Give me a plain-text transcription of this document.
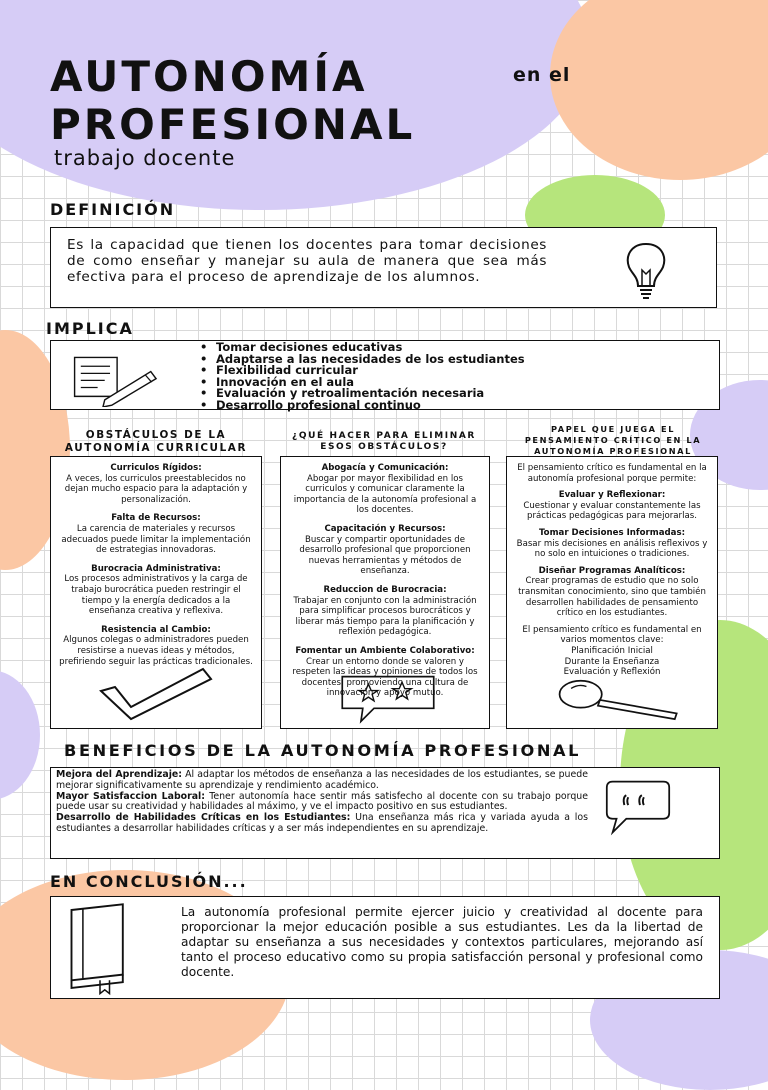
AUTONOMÍA	en el
PROFESIONAL
trabajo docente
DEFINICIÓN
Es la capacidad que tienen los docentes para tomar decisiones de como enseñar y manejar su aula de manera que sea más efectiva para el proceso de aprendizaje de los alumnos.
IMPLICA
• Tomar decisiones educativas
• Adaptarse a las necesidades de los estudiantes
• Flexibilidad curricular
• Innovación en el aula
• Evaluación y retroalimentación necesaria
• Desarrollo profesional continuo
OBSTÁCULOS DE LA AUTONOMÍA CURRICULAR
¿QUÉ HACER PARA ELIMINAR ESOS OBSTÁCULOS?
PAPEL QUE JUEGA EL PENSAMIENTO CRÍTICO EN LA AUTONOMÍA PROFESIONAL
Curriculos Rígidos:
A veces, los curriculos preestablecidos no dejan mucho espacio para la adaptación y personalización.
Falta de Recursos:
La carencia de materiales y recursos adecuados puede limitar la implementación de estrategias innovadoras.
Burocracia Administrativa:
Los procesos administrativos y la carga de trabajo burocrática pueden restringir el tiempo y la energía dedicados a la enseñanza creativa y reflexiva.
Resistencia al Cambio:
Algunos colegas o administradores pueden resistirse a nuevas ideas y métodos, prefiriendo seguir las prácticas tradicionales.
Abogacía y Comunicación:
Abogar por mayor flexibilidad en los curriculos y comunicar claramente la importancia de la autonomía profesional a los docentes.
Capacitación y Recursos:
Buscar y compartir oportunidades de desarrollo profesional que proporcionen nuevas herramientas y métodos de enseñanza.
Reduccion de Burocracia:
Trabajar en conjunto con la administración para simplificar procesos burocráticos y liberar más tiempo para la planificación y reflexión pedagógica.
Fomentar un Ambiente Colaborativo:
Crear un entorno donde se valoren y respeten las ideas y opiniones de todos los docentes, promoviendo una cultura de innovación y apoyo mutuo.
El pensamiento crítico es fundamental en la autonomía profesional porque permite:
Evaluar y Reflexionar:
Cuestionar y evaluar constantemente las prácticas pedagógicas para mejorarlas.
Tomar Decisiones Informadas:
Basar mis decisiones en análisis reflexivos y no solo en intuiciones o tradiciones.
Diseñar Programas Analíticos:
Crear programas de estudio que no solo transmitan conocimiento, sino que también desarrollen habilidades de pensamiento crítico en los estudiantes.
El pensamiento crítico es fundamental en varios momentos clave:
Planificación Inicial
Durante la Enseñanza
Evaluación y Reflexión
BENEFICIOS DE LA AUTONOMÍA PROFESIONAL

Mejora del Aprendizaje: Al adaptar los métodos de enseñanza a las necesidades de los estudiantes, se puede mejorar significativamente su aprendizaje y rendimiento académico.

Mayor Satisfaccion Laboral: Tener autonomía hace sentir más satisfecho al docente con su trabajo porque puede usar su creatividad y habilidades al máximo, y ve el impacto positivo en sus estudiantes.

Desarrollo de Habilidades Críticas en los Estudiantes: Una enseñanza más rica y variada ayuda a los estudiantes a desarrollar habilidades críticas y a ser más independientes en su aprendizaje.

EN CONCLUSIÓN...
La autonomía profesional permite ejercer juicio y creatividad al docente para proporcionar la mejor educación posible a sus estudiantes. Les da la libertad de adaptar su enseñanza a sus necesidades y contextos particulares, mejorando así tanto el proceso educativo como su propia satisfacción personal y profesional como docente.
